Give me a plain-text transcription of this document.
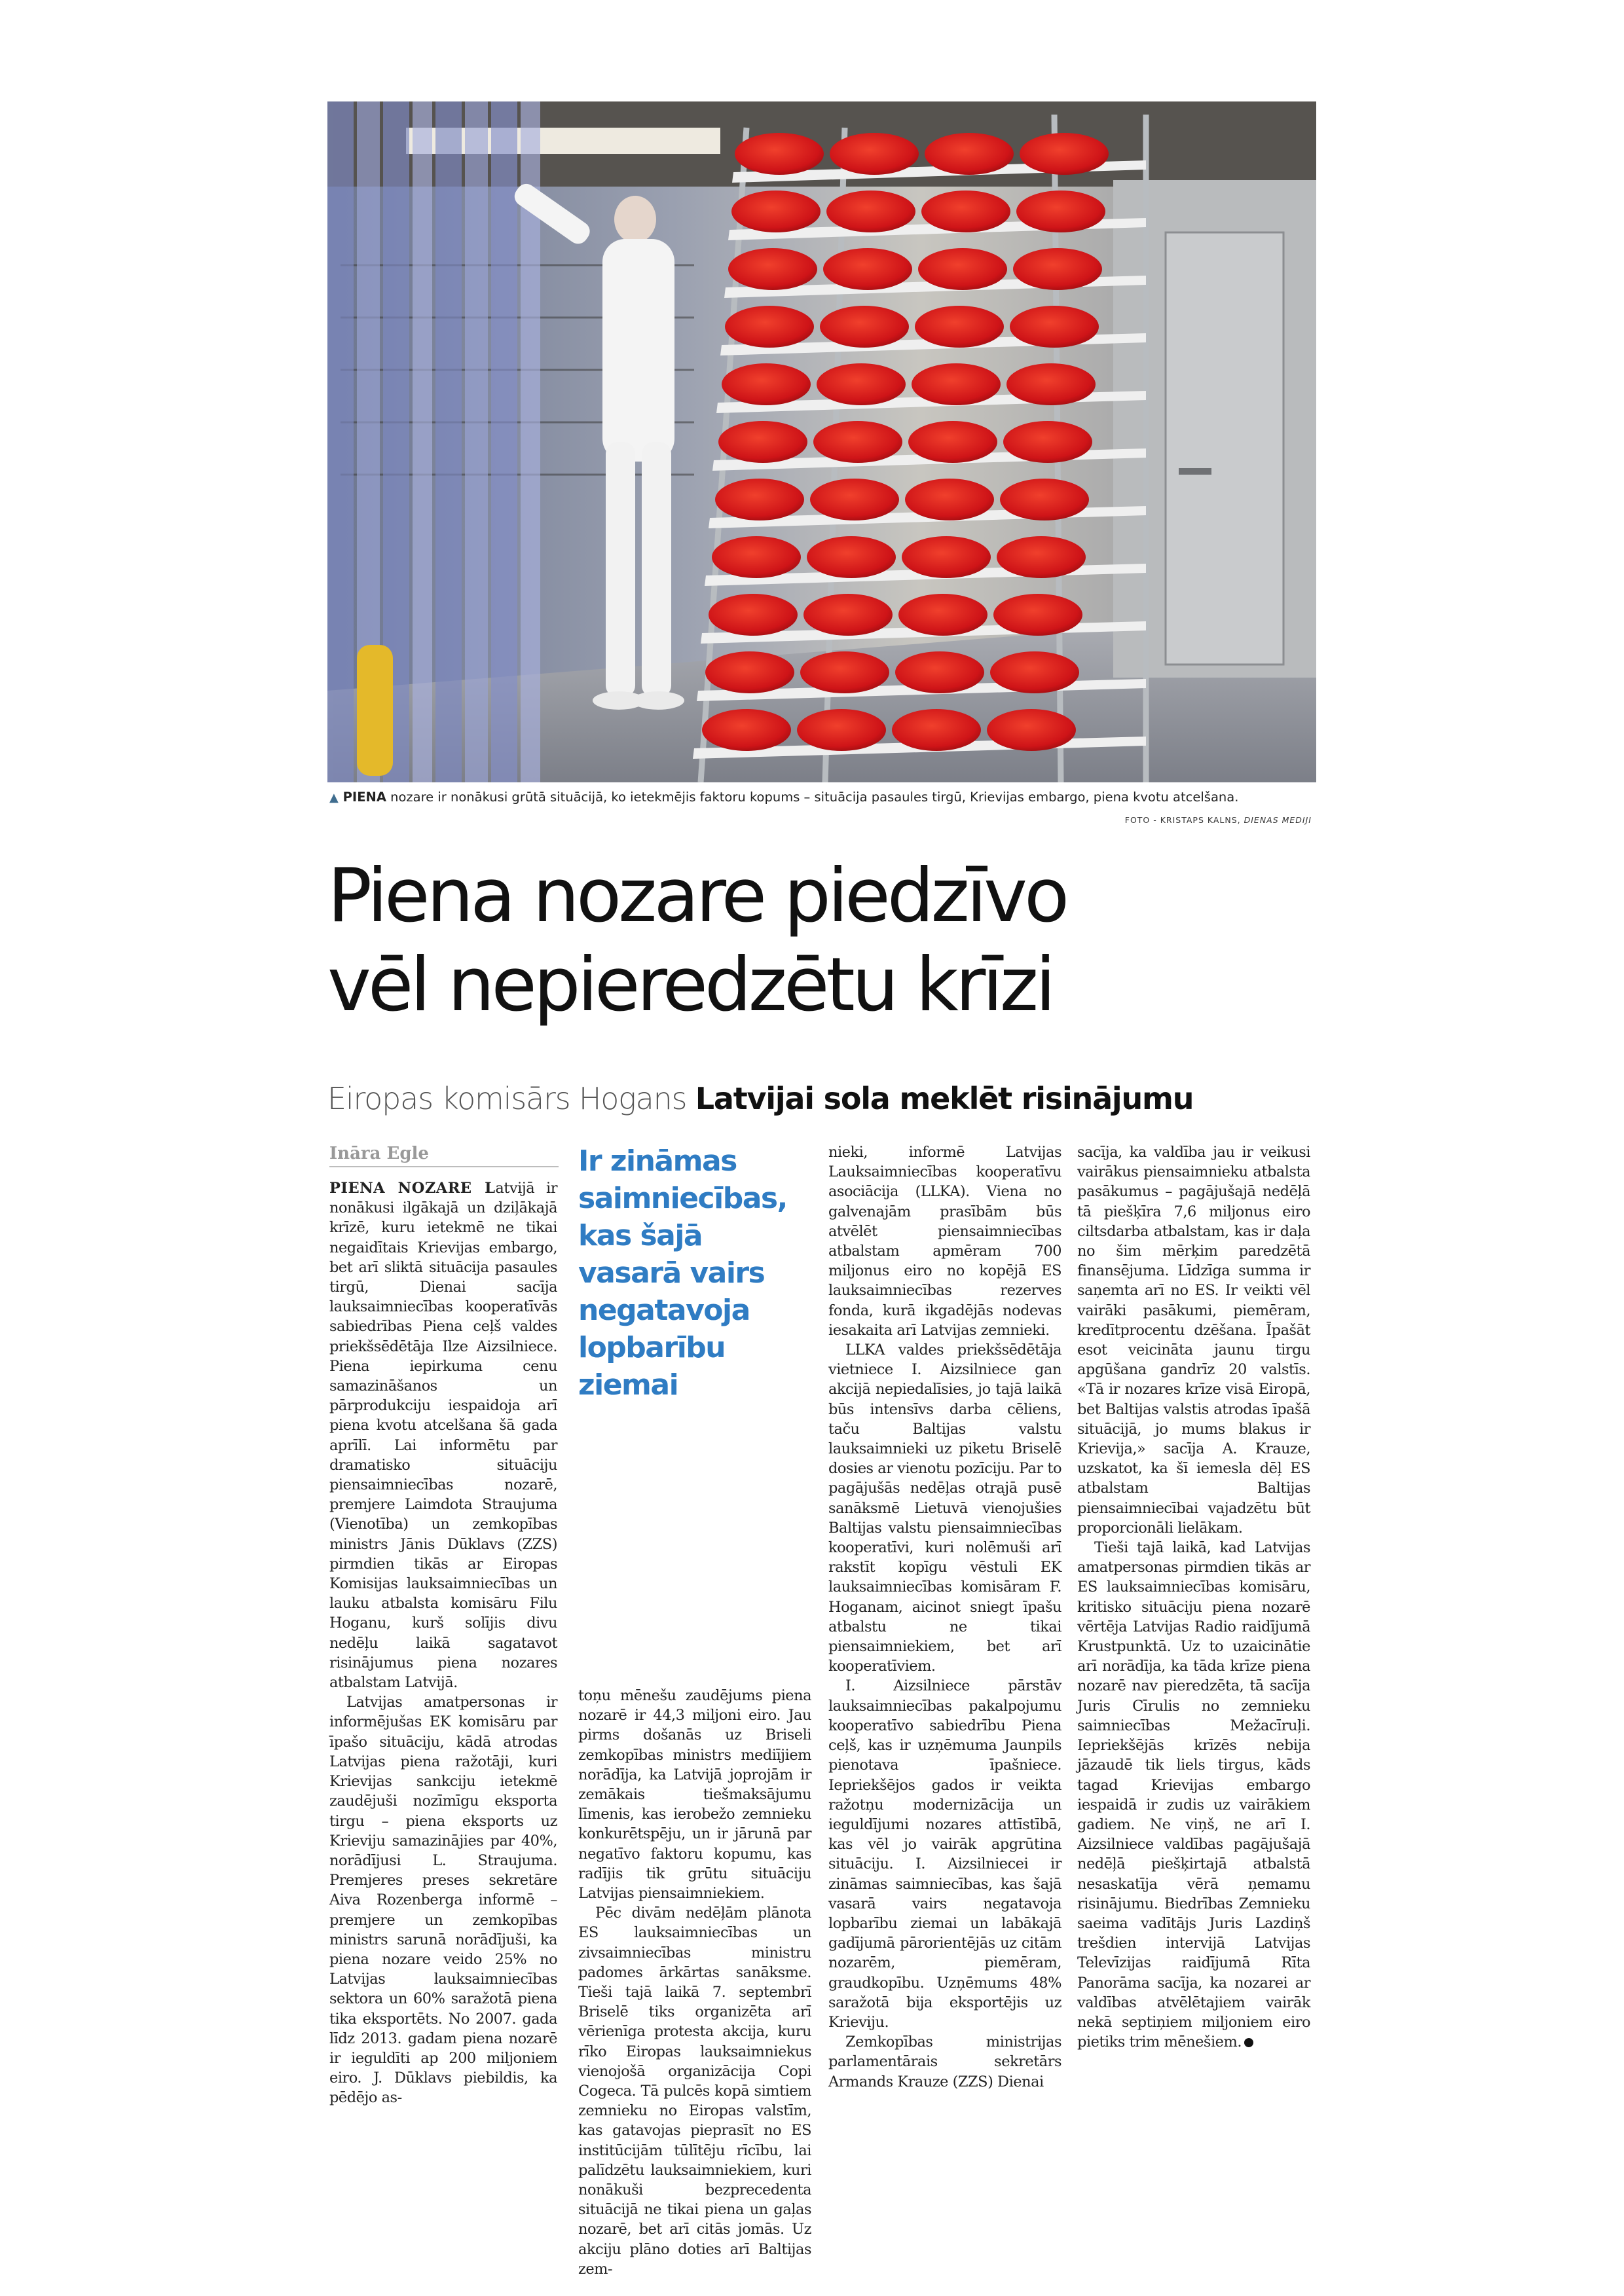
▲ PIENA nozare ir nonākusi grūtā situācijā, ko ietekmējis faktoru kopums – situācija pasaules tirgū, Krievijas embargo, piena kvotu atcelšana.
FOTO - KRISTAPS KALNS, DIENAS MEDIJI
Piena nozare piedzīvo
vēl nepieredzētu krīzi
Eiropas komisārs Hogans Latvijai sola meklēt risinājumu
Ināra Egle

PIENA NOZARE Latvijā ir nonākusi ilgākajā un dziļākajā krīzē, kuru ietekmē ne tikai negaidītais Krievijas embargo, bet arī sliktā situācija pasaules tirgū, Dienai sacīja lauksaimniecības kooperatīvās sabiedrības Piena ceļš valdes priekšsēdētāja Ilze Aizsilniece. Piena iepirkuma cenu samazināšanos un pārprodukciju iespaidoja arī piena kvotu atcelšana šā gada aprīlī. Lai informētu par dramatisko situāciju piensaimniecības nozarē, premjere Laimdota Straujuma (Vienotība) un zemkopības ministrs Jānis Dūklavs (ZZS) pirmdien tikās ar Eiropas Komisijas lauksaimniecības un lauku atbalsta komisāru Filu Hoganu, kurš solījis divu nedēļu laikā sagatavot risinājumus piena nozares atbalstam Latvijā.

Latvijas amatpersonas ir informējušas EK komisāru par īpašo situāciju, kādā atrodas Latvijas piena ražotāji, kuri Krievijas sankciju ietekmē zaudējuši nozīmīgu eksporta tirgu – piena eksports uz Krieviju samazinājies par 40%, norādījusi L. Straujuma. Premjeres preses sekretāre Aiva Rozenberga informē – premjere un zemkopības ministrs sarunā norādījuši, ka piena nozare veido 25% no Latvijas lauksaimniecības sektora un 60% saražotā piena tika eksportēts. No 2007. gada līdz 2013. gadam piena nozarē ir ieguldīti ap 200 miljoniem eiro. J. Dūklavs piebildis, ka pēdējo as-

Ir zināmas saimniecības, kas šajā vasarā vairs negatavoja lopbarību ziemai

toņu mēnešu zaudējums piena nozarē ir 44,3 miljoni eiro. Jau pirms došanās uz Briseli zemkopības ministrs mediījiem norādīja, ka Latvijā joprojām ir zemākais tiešmaksājumu līmenis, kas ierobežo zemnieku konkurētspēju, un ir jārunā par negatīvo faktoru kopumu, kas radījis tik grūtu situāciju Latvijas piensaimniekiem.

Pēc divām nedēļām plānota ES lauksaimniecības un zivsaimniecības ministru padomes ārkārtas sanāksme. Tieši tajā laikā 7. septembrī Briselē tiks organizēta arī vērienīga protesta akcija, kuru rīko Eiropas lauksaimniekus vienojošā organizācija Copi Cogeca. Tā pulcēs kopā simtiem zemnieku no Eiropas valstīm, kas gatavojas pieprasīt no ES institūcijām tūlītēju rīcību, lai palīdzētu lauksaimniekiem, kuri nonākuši bezprecedenta situācijā ne tikai piena un gaļas nozarē, bet arī citās jomās. Uz akciju plāno doties arī Baltijas zem-

nieki, informē Latvijas Lauksaimniecības kooperatīvu asociācija (LLKA). Viena no galvenajām prasībām būs atvēlēt piensaimniecības atbalstam apmēram 700 miljonus eiro no kopējā ES lauksaimniecības rezerves fonda, kurā ikgadējās nodevas iesakaita arī Latvijas zemnieki.

LLKA valdes priekšsēdētāja vietniece I. Aizsilniece gan akcijā nepiedalīsies, jo tajā laikā būs intensīvs darba cēliens, taču Baltijas valstu lauksaimnieki uz piketu Briselē dosies ar vienotu pozīciju. Par to pagājušās nedēļas otrajā pusē sanāksmē Lietuvā vienojušies Baltijas valstu piensaimniecības kooperatīvi, kuri nolēmuši arī rakstīt kopīgu vēstuli EK lauksaimniecības komisāram F. Hoganam, aicinot sniegt īpašu atbalstu ne tikai piensaimniekiem, bet arī kooperatīviem.

I. Aizsilniece pārstāv lauksaimniecības pakalpojumu kooperatīvo sabiedrību Piena ceļš, kas ir uzņēmuma Jaunpils pienotava īpašniece. Iepriekšējos gados ir veikta ražotņu modernizācija un ieguldījumi nozares attīstībā, kas vēl jo vairāk apgrūtina situāciju. I. Aizsilniecei ir zināmas saimniecības, kas šajā vasarā vairs negatavoja lopbarību ziemai un labākajā gadījumā pārorientējās uz citām nozarēm, piemēram, graudkopību. Uzņēmums 48% saražotā bija eksportējis uz Krieviju.

Zemkopības ministrijas parlamentārais sekretārs Armands Krauze (ZZS) Dienai

sacīja, ka valdība jau ir veikusi vairākus piensaimnieku atbalsta pasākumus – pagājušajā nedēļā tā piešķīra 7,6 miljonus eiro ciltsdarba atbalstam, kas ir daļa no šim mērķim paredzētā finansējuma. Līdzīga summa ir saņemta arī no ES. Ir veikti vēl vairāki pasākumi, piemēram, kredītprocentu dzēšana. Īpašāt esot veicināta jaunu tirgu apgūšana gandrīz 20 valstīs. «Tā ir nozares krīze visā Eiropā, bet Baltijas valstis atrodas īpašā situācijā, jo mums blakus ir Krievija,» sacīja A. Krauze, uzskatot, ka šī iemesla dēļ ES atbalstam Baltijas piensaimniecībai vajadzētu būt proporcionāli lielākam.

Tieši tajā laikā, kad Latvijas amatpersonas pirmdien tikās ar ES lauksaimniecības komisāru, kritisko situāciju piena nozarē vērtēja Latvijas Radio raidījumā Krustpunktā. Uz to uzaicinātie arī norādīja, ka tāda krīze piena nozarē nav pieredzēta, tā sacīja Juris Cīrulis no zemnieku saimniecības Mežacīruļi. Iepriekšējās krīzēs nebija jāzaudē tik liels tirgus, kāds tagad Krievijas embargo iespaidā ir zudis uz vairākiem gadiem. Ne viņš, ne arī I. Aizsilniece valdības pagājušajā nedēļā piešķirtajā atbalstā nesaskatīja vērā ņemamu risinājumu. Biedrības Zemnieku saeima vadītājs Juris Lazdiņš trešdien intervijā Latvijas Televīzijas raidījumā Rīta Panorāma sacīja, ka nozarei ar valdības atvēlētajiem vairāk nekā septiņiem miljoniem eiro pietiks trim mēnešiem.
